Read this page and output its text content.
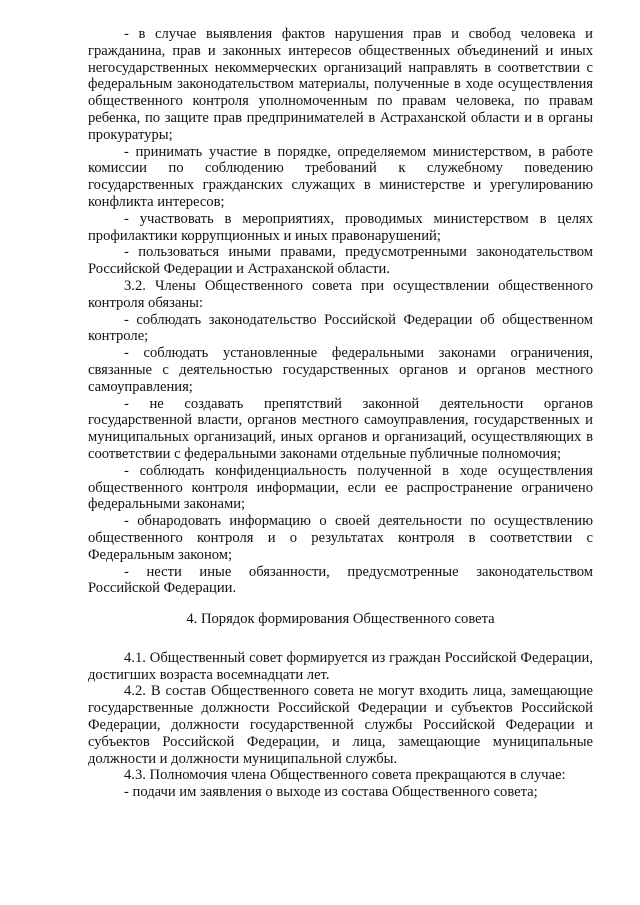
- в случае выявления фактов нарушения прав и свобод человека и гражданина, прав и законных интересов общественных объединений и иных негосударственных некоммерческих организаций направлять в соответствии с федеральным законодательством материалы, полученные в ходе осуществления общественного контроля уполномоченным по правам человека, по правам ребенка, по защите прав предпринимателей в Астраханской области и в органы прокуратуры;

- принимать участие в порядке, определяемом министерством, в работе комиссии по соблюдению требований к служебному поведению государственных гражданских служащих в министерстве и урегулированию конфликта интересов;

- участвовать в мероприятиях, проводимых министерством в целях профилактики коррупционных и иных правонарушений;

- пользоваться иными правами, предусмотренными законодательством Российской Федерации и Астраханской области.

3.2. Члены Общественного совета при осуществлении общественного контроля обязаны:

- соблюдать законодательство Российской Федерации об общественном контроле;

- соблюдать установленные федеральными законами ограничения, связанные с деятельностью государственных органов и органов местного самоуправления;

- не создавать препятствий законной деятельности органов государственной власти, органов местного самоуправления, государственных и муниципальных организаций, иных органов и организаций, осуществляющих в соответствии с федеральными законами отдельные публичные полномочия;

- соблюдать конфиденциальность полученной в ходе осуществления общественного контроля информации, если ее распространение ограничено федеральными законами;

- обнародовать информацию о своей деятельности по осуществлению общественного контроля и о результатах контроля в соответствии с Федеральным законом;

- нести иные обязанности, предусмотренные законодательством Российской Федерации.

4. Порядок формирования Общественного совета

4.1. Общественный совет формируется из граждан Российской Федерации, достигших возраста восемнадцати лет.

4.2. В состав Общественного совета не могут входить лица, замещающие государственные должности Российской Федерации и субъектов Российской Федерации, должности государственной службы Российской Федерации и субъектов Российской Федерации, и лица, замещающие муниципальные должности и должности муниципальной службы.

4.3. Полномочия члена Общественного совета прекращаются в случае:

- подачи им заявления о выходе из состава Общественного совета;
